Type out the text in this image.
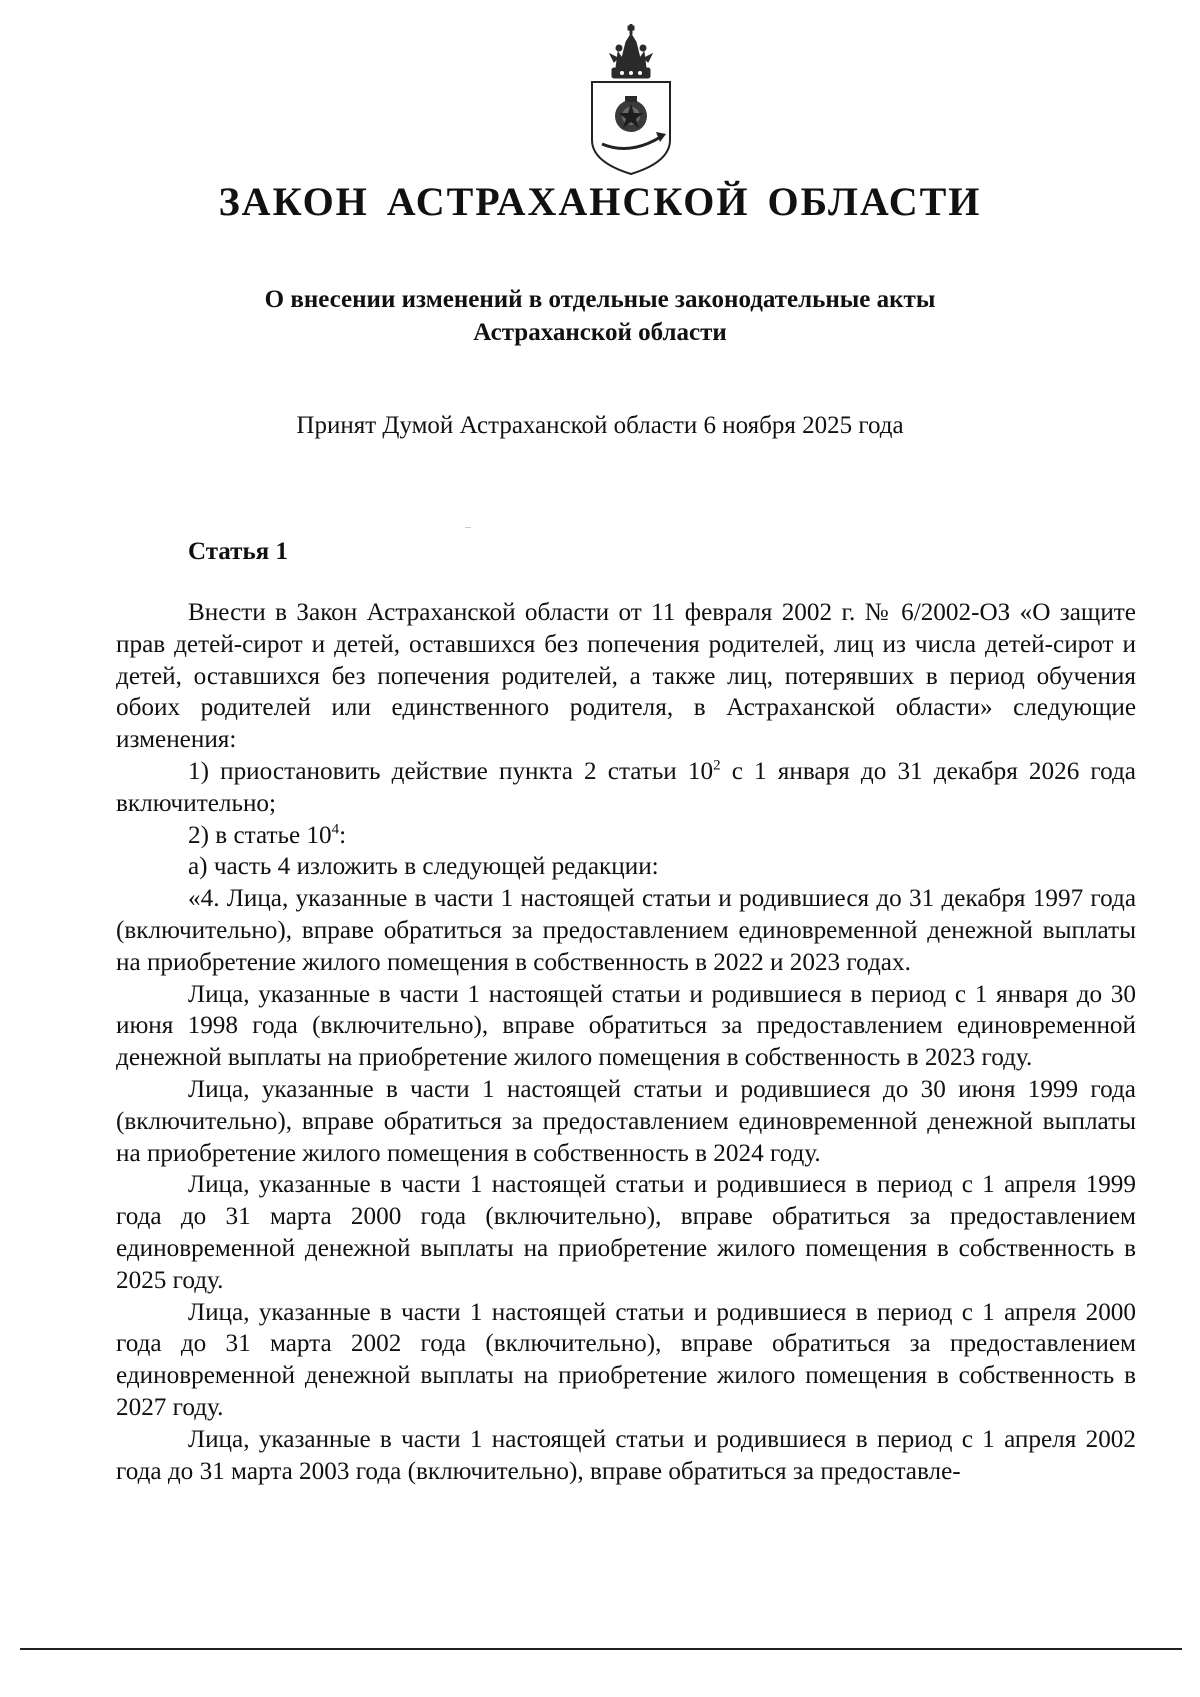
ЗАКОН АСТРАХАНСКОЙ ОБЛАСТИ
О внесении изменений в отдельные законодательные акты
Астраханской области

Принят Думой Астраханской области 6 ноября 2025 года

Статья 1

Внести в Закон Астраханской области от 11 февраля 2002 г. № 6/2002-ОЗ «О защите прав детей-сирот и детей, оставшихся без попечения родителей, лиц из числа детей-сирот и детей, оставшихся без попечения родителей, а также лиц, потерявших в период обучения обоих родителей или единственного родителя, в Астраханской области» следующие изменения:

1) приостановить действие пункта 2 статьи $10^2$ с 1 января до 31 декабря 2026 года включительно;

2) в статье $10^4$:

а) часть 4 изложить в следующей редакции:

«4. Лица, указанные в части 1 настоящей статьи и родившиеся до 31 декабря 1997 года (включительно), вправе обратиться за предоставлением единовременной денежной выплаты на приобретение жилого помещения в собственность в 2022 и 2023 годах.

Лица, указанные в части 1 настоящей статьи и родившиеся в период с 1 января до 30 июня 1998 года (включительно), вправе обратиться за предоставлением единовременной денежной выплаты на приобретение жилого помещения в собственность в 2023 году.

Лица, указанные в части 1 настоящей статьи и родившиеся до 30 июня 1999 года (включительно), вправе обратиться за предоставлением единовременной денежной выплаты на приобретение жилого помещения в собственность в 2024 году.

Лица, указанные в части 1 настоящей статьи и родившиеся в период с 1 апреля 1999 года до 31 марта 2000 года (включительно), вправе обратиться за предоставлением единовременной денежной выплаты на приобретение жилого помещения в собственность в 2025 году.

Лица, указанные в части 1 настоящей статьи и родившиеся в период с 1 апреля 2000 года до 31 марта 2002 года (включительно), вправе обратиться за предоставлением единовременной денежной выплаты на приобретение жилого помещения в собственность в 2027 году.

Лица, указанные в части 1 настоящей статьи и родившиеся в период с 1 апреля 2002 года до 31 марта 2003 года (включительно), вправе обратиться за предоставле-
